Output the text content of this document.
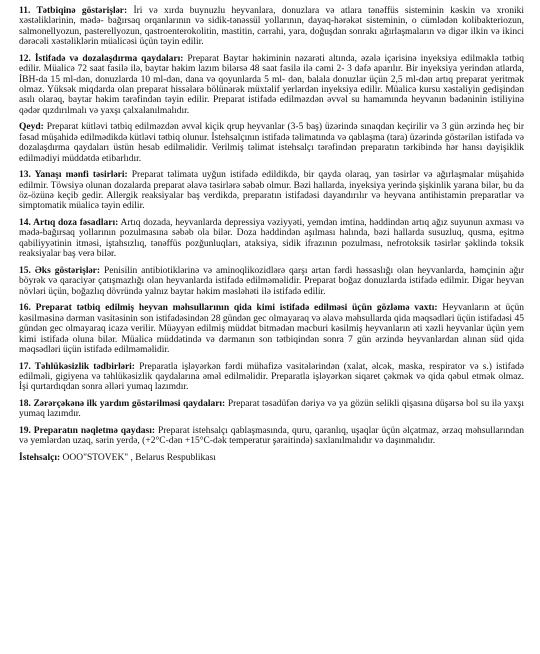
11. Tətbiqinə göstərişlər: İri və xırda buynuzlu heyvanlara, donuzlara və atlara tənəffüs sisteminin kəskin və xroniki xəstəliklərinin, mədə- bağırsaq orqanlarının və sidik-tənəssül yollarının, dayaq-hərəkət sisteminin, o cümlədən kolibakteriozun, salmonellyozun, pasterellyozun, qastroenterokolitin, mastitin, cərrahi, yara, doğuşdan sonrakı ağırlaşmaların və digər ilkin və ikinci dərəcəli xəstəliklərin müalicəsi üçün təyin edilir.

12. İstifadə və dozalaşdırma qaydaları: Preparat Baytar həkiminin nəzarəti altında, əzələ içərisinə inyeksiya edilməklə tətbiq edilir. Müalicə 72 saat fasilə ilə, baytar həkim lazım bilərsə 48 saat fasilə ilə cəmi 2- 3 dəfə aparılır. Bir inyeksiya yerindən atlarda, İBH-da 15 ml-dən, donuzlarda 10 ml-dən, dana və qoyunlarda 5 ml- dən, balala donuzlar üçün 2,5 ml-dən artıq preparat yeritmək olmaz. Yüksək miqdarda olan preparat hissələrə bölünərək müxtəlif yerlərdən inyeksiya edilir. Müalicə kursu xəstəliyin gedişindən asılı olaraq, baytar həkim tərəfindən təyin edilir. Preparat istifadə edilməzdən əvvəl su hamamında heyvanın bədəninin istiliyinə qədər qızdırılmalı və yaxşı çalxalanılmalıdır.

Qeyd: Preparat kütləvi tətbiq edilməzdən əvvəl kiçik qrup heyvanlar (3-5 baş) üzərində sınaqdan keçirilir və 3 gün ərzində heç bir fəsad müşahidə edilmədikdə kütləvi tətbiq olunur. İstehsalçının istifadə təlimatında və qablaşma (tara) üzərində göstərilən istifadə və dozalaşdırma qaydaları üstün hesab edilməlidir. Verilmiş təlimat istehsalçı tərəfindən preparatın tərkibində hər hansı dəyişiklik edilmədiyi müddətdə etibarlıdır.

13. Yanaşı mənfi təsirləri: Preparat təlimata uyğun istifadə edildikdə, bir qayda olaraq, yan təsirlər və ağırlaşmalar müşahidə edilmir. Töwsiyə olunan dozalarda preparat əlavə təsirlərə səbəb olmur. Bəzi hallarda, inyeksiya yerində şişkinlik yarana bilər, bu da öz-özünə keçib gedir. Allergik reaksiyalar baş verdikdə, preparatın istifadəsi dayandırılır və heyvana antihistamin preparatlar və simptomatik müalicə təyin edilir.

14. Artıq doza fəsadları: Artıq dozada, heyvanlarda depressiya vəziyyəti, yemdən imtina, həddindən artıq ağız suyunun axması və mədə-bağırsaq yollarının pozulmasına səbəb ola bilər. Doza həddindən aşılması halında, bəzi hallarda susuzluq, qusma, eşitmə qabiliyyətinin itməsi, iştahsızlıq, tənəffüs pozğunluqları, ataksiya, sidik ifrazının pozulması, nefrotoksik təsirlər şəklində toksik reaksiyalar baş verə bilər.

15. Əks göstərişlər: Penisilin antibiotiklərinə və aminoqlikozidlərə qarşı artan fərdi həssaslığı olan heyvanlarda, həmçinin ağır böyrək və qaraciyər çatışmazlığı olan heyvanlarda istifadə edilməməlidir. Preparat boğaz donuzlarda istifadə edilmir. Digər heyvan növləri üçün, boğazlıq dövründə yalnız baytar həkim məsləhəti ilə istifadə edilir.

16. Preparat tətbiq edilmiş heyvan məhsullarının qida kimi istifadə edilməsi üçün gözləmə vaxtı: Heyvanların ət üçün kəsilməsinə dərman vasitəsinin son istifadəsindən 28 gündən gec olmayaraq və əlavə məhsullarda qida məqsədləri üçün istifadəsi 45 gündən gec olmayaraq icazə verilir. Müəyyən edilmiş müddət bitmədən məcburi kəsilmiş heyvanların əti xəzli heyvanlar üçün yem kimi istifadə oluna bilər. Müalicə müddətində və dərmanın son tətbiqindən sonra 7 gün ərzində heyvanlardan alınan süd qida məqsədləri üçün istifadə edilməməlidir.

17. Təhlükəsizlik tədbirləri: Preparatla işləyərkən fərdi mühafizə vasitələrindən (xalat, əlcək, maska, respirator və s.) istifadə edilməli, gigiyena və təhlükəsizlik qaydalarına əməl edilməlidir. Preparatla işləyərkən siqaret çəkmək və qida qəbul etmək olmaz. İşi qurtardıqdan sonra əlləri yumaq lazımdır.

18. Zərərçəkənə ilk yardım göstərilməsi qaydaları: Preparat təsadüfən dəriyə və ya gözün selikli qişasına düşərsə bol su ilə yaxşı yumaq lazımdır.

19. Preparatın nəqletmə qaydası: Preparat istehsalçı qablaşmasında, quru, qaranlıq, uşaqlar üçün əlçatmaz, ərzaq məhsullarından və yemlərdən uzaq, sərin yerdə, (+2°C-dən +15°C-dək temperatur şəraitində) saxlanılmalıdır və daşınmalıdır.

İstehsalçı: OOO"STOVEK" , Belarus Respublikası
